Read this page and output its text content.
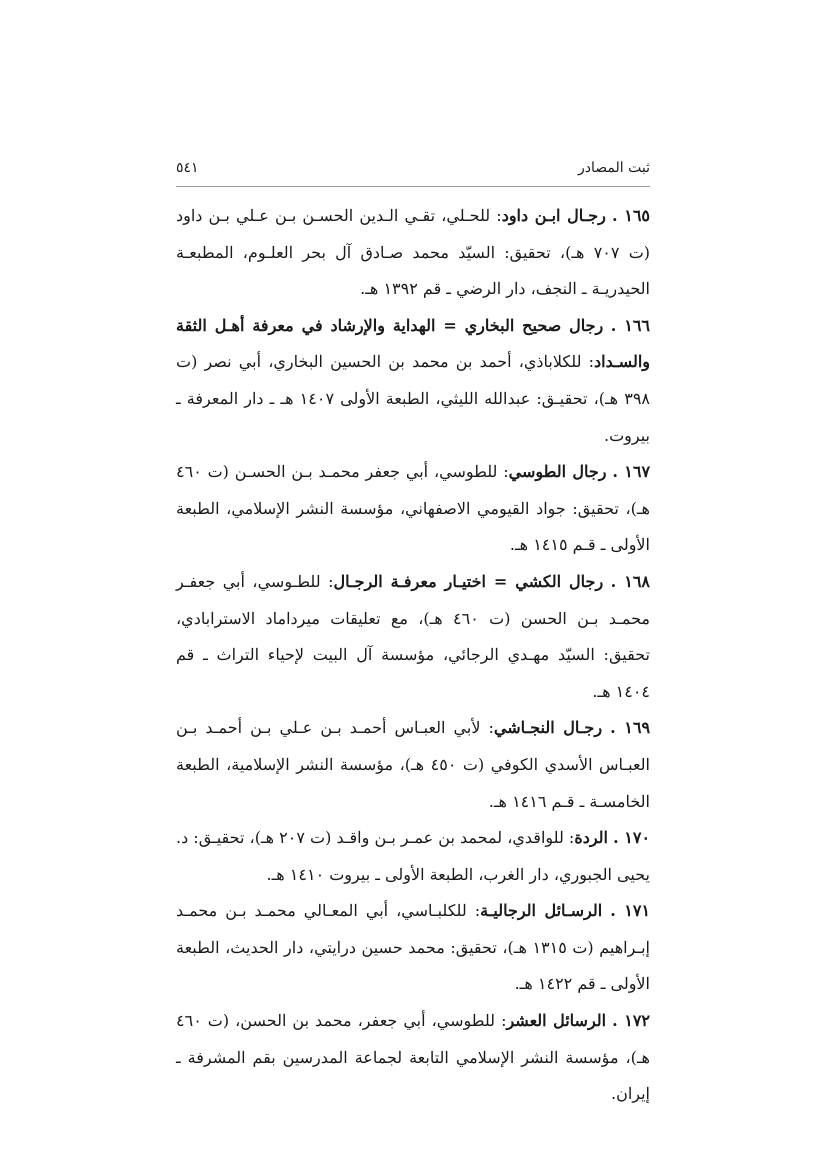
ثبت المصادر
٥٤١

١٦٥ . رجـال ابـن داود: للحـلي، تقـي الـدين الحسـن بـن عـلي بـن داود (ت ٧٠٧ هـ)، تحقيق: السيّد محمد صـادق آل بحر العلـوم، المطبعـة الحيدريـة ـ النجف، دار الرضي ـ قم ١٣٩٢ هـ.

١٦٦ . رجال صحيح البخاري = الهداية والإرشاد في معرفة أهـل الثقة والسـداد: للكلاباذي، أحمد بن محمد بن الحسين البخاري، أبي نصر (ت ٣٩٨ هـ)، تحقيـق: عبدالله الليثي، الطبعة الأولى ١٤٠٧ هـ ـ دار المعرفة ـ بيروت.

١٦٧ . رجال الطوسي: للطوسي، أبي جعفر محمـد بـن الحسـن (ت ٤٦٠ هـ)، تحقيق: جواد القيومي الاصفهاني، مؤسسة النشر الإسلامي، الطبعة الأولى ـ قـم ١٤١٥ هـ.

١٦٨ . رجال الكشي = اختيـار معرفـة الرجـال: للطـوسي، أبي جعفـر محمـد بـن الحسن (ت ٤٦٠ هـ)، مع تعليقات ميرداماد الاسترابادي، تحقيق: السيّد مهـدي الرجائي، مؤسسة آل البيت لإحياء التراث ـ قم ١٤٠٤ هـ.

١٦٩ . رجـال النجـاشي: لأبي العبـاس أحمـد بـن عـلي بـن أحمـد بـن العبـاس الأسدي الكوفي (ت ٤٥٠ هـ)، مؤسسة النشر الإسلامية، الطبعة الخامسـة ـ قـم ١٤١٦ هـ.

١٧٠ . الردة: للواقدي، لمحمد بن عمـر بـن واقـد (ت ٢٠٧ هـ)، تحقيـق: د. يحيى الجبوري، دار الغرب، الطبعة الأولى ـ بيروت ١٤١٠ هـ.

١٧١ . الرسـائل الرجاليـة: للكلبـاسي، أبي المعـالي محمـد بـن محمـد إبـراهيم (ت ١٣١٥ هـ)، تحقيق: محمد حسين درايتي، دار الحديث، الطبعة الأولى ـ قم ١٤٢٢ هـ.

١٧٢ . الرسائل العشر: للطوسي، أبي جعفر، محمد بن الحسن، (ت ٤٦٠ هـ)، مؤسسة النشر الإسلامي التابعة لجماعة المدرسين بقم المشرفة ـ إيران.
